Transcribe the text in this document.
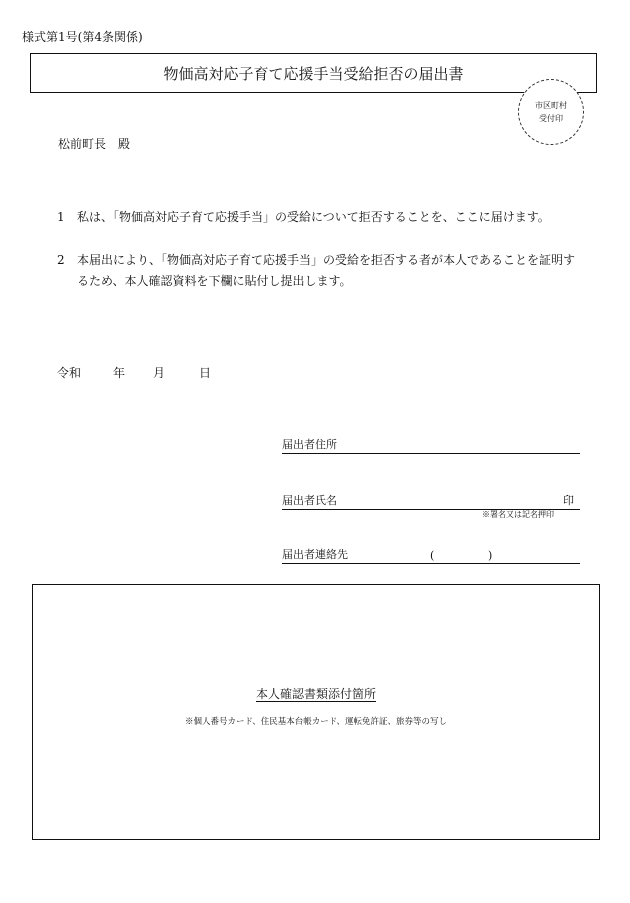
様式第1号(第4条関係)
物価高対応子育て応援手当受給拒否の届出書
市区町村
受付印
松前町長　殿
1 私は、「物価高対応子育て応援手当」の受給について拒否することを、ここに届けます。
2 本届出により、「物価高対応子育て応援手当」の受給を拒否する者が本人であることを証明するため、本人確認資料を下欄に貼付し提出します。
令和	年 月	日
届出者住所
届出者氏名	印
※署名又は記名押印
届出者連絡先	(	)
本人確認書類添付箇所
※個人番号カード、住民基本台帳カード、運転免許証、旅券等の写し
